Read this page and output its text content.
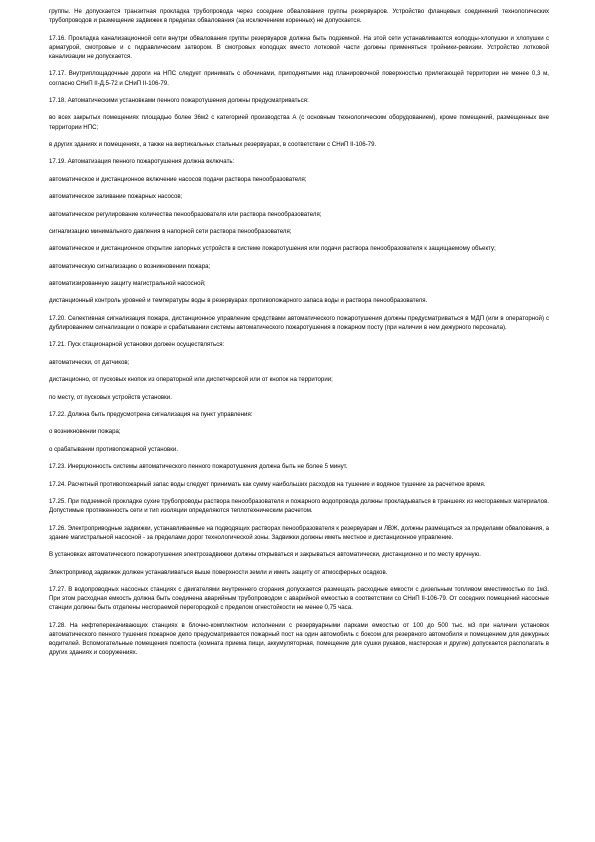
группы. Не допускается транзитная прокладка трубопровода через соседние обвалования группы резервуаров. Устройство фланцевых соединений технологических трубопроводов и размещение задвижек в пределах обвалования (за исключением коренных) не допускается.

17.16. Прокладка канализационной сети внутри обвалования группы резервуаров должна быть подземной. На этой сети устанавливаются колодцы-хлопушки и хлопушки с арматурой, смотровые и с гидравлическим затвором. В смотровых колодцах вместо лотковой части должны применяться тройники-ревизии. Устройство лотковой канализации не допускается.

17.17. Внутриплощадочные дороги на НПС следует принимать с обочинами, приподнятыми над планировочной поверхностью прилегающей территории не менее 0,3 м, согласно СНиП II-Д.5-72 и СНиП II-106-79.

17.18. Автоматическими установками пенного пожаротушения должны предусматриваться:

во всех закрытых помещениях площадью более 36м2 с категорией производства А (с основным технологическим оборудованием), кроме помещений, размещенных вне территории НПС;

в других зданиях и помещениях, а также на вертикальных стальных резервуарах, в соответствии с СНиП II-106-79.

17.19. Автоматизация пенного пожаротушения должна включать:

автоматическое и дистанционное включение насосов подачи раствора пенообразователя;

автоматическое заливание пожарных насосов;

автоматическое регулирование количества пенообразователя или раствора пенообразователя;

сигнализацию минимального давления в напорной сети раствора пенообразователя;

автоматическое и дистанционное открытие запорных устройств в системе пожаротушения или подачи раствора пенообразователя к защищаемому объекту;

автоматическую сигнализацию о возникновении пожара;

автоматизированную защиту магистральной насосной;

дистанционный контроль уровней и температуры воды в резервуарах противопожарного запаса воды и раствора пенообразователя.

17.20. Селективная сигнализация пожара, дистанционное управление средствами автоматического пожаротушения должны предусматриваться в МДП (или в операторной) с дублированием сигнализации о пожаре и срабатывании системы автоматического пожаротушения в пожарном посту (при наличии в нем дежурного персонала).

17.21. Пуск стационарной установки должен осуществляться:

автоматически, от датчиков;

дистанционно, от пусковых кнопок из операторной или диспетчерской или от кнопок на территории;

по месту, от пусковых устройств установки.

17.22. Должна быть предусмотрена сигнализация на пункт управления:

о возникновении пожара;

о срабатывании противопожарной установки.

17.23. Инерционность системы автоматического пенного пожаротушения должна быть не более 5 минут.

17.24. Расчетный противопожарный запас воды следует принимать как сумму наибольших расходов на тушение и водяное тушение за расчетное время.

17.25. При подземной прокладке сухие трубопроводы раствора пенообразователя и пожарного водопровода должны прокладываться в траншеях из несгораемых материалов. Допустимые протяженность сети и тип изоляции определяются теплотехническим расчетом.

17.26. Электроприводные задвижки, устанавливаемые на подводящих растворах пенообразователя к резервуарам и ЛВЖ, должны размещаться за пределами обвалования, а здание магистральной насосной - за пределами дорог технологической зоны. Задвижки должны иметь местное и дистанционное управление.

В установках автоматического пожаротушения электрозадвижки должны открываться и закрываться автоматически, дистанционно и по месту вручную.

Электропривод задвижек должен устанавливаться выше поверхности земли и иметь защиту от атмосферных осадков.

17.27. В водопроводных насосных станциях с двигателями внутреннего сгорания допускается размещать расходные емкости с дизельным топливом вместимостью по 1м3. При этом расходная емкость должна быть соединена аварийным трубопроводом с аварийной емкостью в соответствии со СНиП II-106-79. От соседних помещений насосные станции должны быть отделены несгораемой перегородкой с пределом огнестойкости не менее 0,75 часа.

17.28. На нефтеперекачивающих станциях в блочно-комплектном исполнении с резервуарными парками емкостью от 100 до 500 тыс. м3 при наличии установок автоматического пенного тушения пожарное депо предусматривается пожарный пост на один автомобиль с боксом для резервного автомобиля и помещением для дежурных водителей. Вспомогательные помещения пожпоста (комната приема пищи, аккумуляторная, помещение для сушки рукавов, мастерская и другие) допускается располагать в других зданиях и сооружениях.
